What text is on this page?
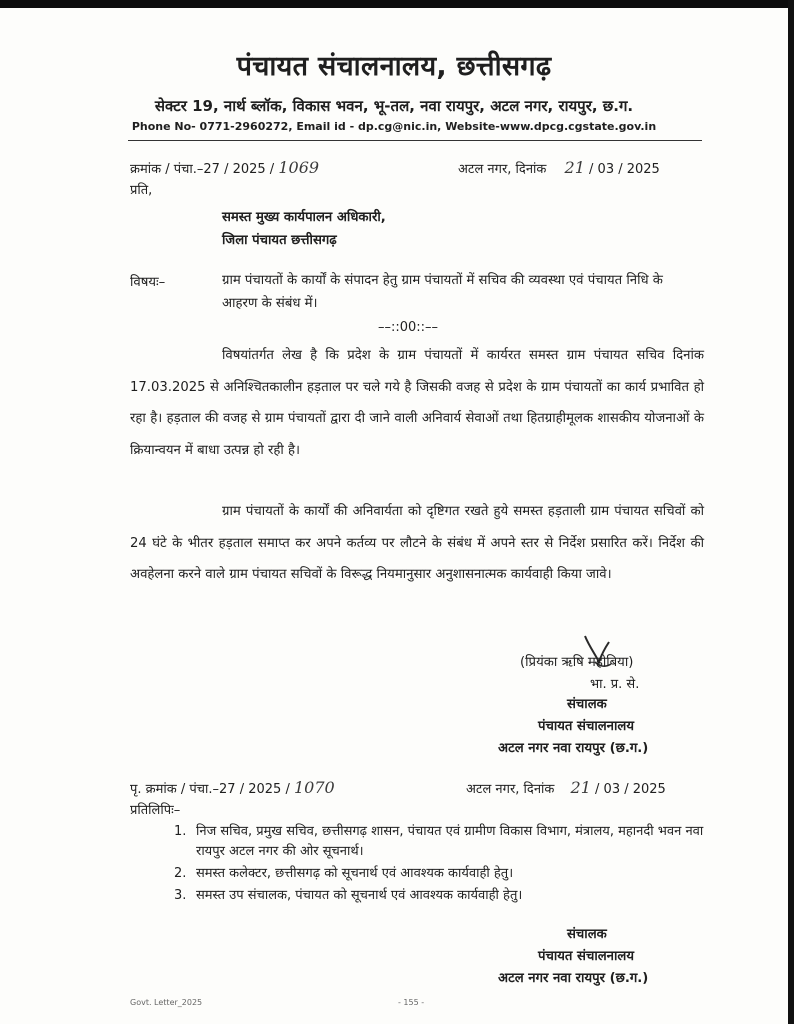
पंचायत संचालनालय, छत्तीसगढ़
सेक्टर 19, नार्थ ब्लॉक, विकास भवन, भू-तल, नवा रायपुर, अटल नगर, रायपुर, छ.ग.
Phone No- 0771-2960272, Email id - dp.cg@nic.in, Website-www.dpcg.cgstate.gov.in
क्रमांक / पंचा.–27 / 2025 / 1069	अटल नगर, दिनांक 21 / 03 / 2025
प्रति,
समस्त मुख्य कार्यपालन अधिकारी,
जिला पंचायत छत्तीसगढ़
विषयः–	ग्राम पंचायतों के कार्यों के संपादन हेतु ग्राम पंचायतों में सचिव की व्यवस्था एवं पंचायत निधि के आहरण के संबंध में।
––::00::––
विषयांतर्गत लेख है कि प्रदेश के ग्राम पंचायतों में कार्यरत समस्त ग्राम पंचायत सचिव दिनांक 17.03.2025 से अनिश्चितकालीन हड़ताल पर चले गये है जिसकी वजह से प्रदेश के ग्राम पंचायतों का कार्य प्रभावित हो रहा है। हड़ताल की वजह से ग्राम पंचायतों द्वारा दी जाने वाली अनिवार्य सेवाओं तथा हितग्राहीमूलक शासकीय योजनाओं के क्रियान्वयन में बाधा उत्पन्न हो रही है।
ग्राम पंचायतों के कार्यों की अनिवार्यता को दृष्टिगत रखते हुये समस्त हड़ताली ग्राम पंचायत सचिवों को 24 घंटे के भीतर हड़ताल समाप्त कर अपने कर्तव्य पर लौटने के संबंध में अपने स्तर से निर्देश प्रसारित करें। निर्देश की अवहेलना करने वाले ग्राम पंचायत सचिवों के विरूद्ध नियमानुसार अनुशासनात्मक कार्यवाही किया जावे।
(प्रियंका ऋषि महोबिया)
भा. प्र. से.
संचालक
पंचायत संचालनालय
अटल नगर नवा रायपुर (छ.ग.)
पृ. क्रमांक / पंचा.–27 / 2025 / 1070	अटल नगर, दिनांक 21 / 03 / 2025
प्रतिलिपिः–
1. निज सचिव, प्रमुख सचिव, छत्तीसगढ़ शासन, पंचायत एवं ग्रामीण विकास विभाग, मंत्रालय, महानदी भवन नवा रायपुर अटल नगर की ओर सूचनार्थ।
2. समस्त कलेक्टर, छत्तीसगढ़ को सूचनार्थ एवं आवश्यक कार्यवाही हेतु।
3. समस्त उप संचालक, पंचायत को सूचनार्थ एवं आवश्यक कार्यवाही हेतु।
संचालक
पंचायत संचालनालय
अटल नगर नवा रायपुर (छ.ग.)
Govt. Letter_2025	- 155 -
